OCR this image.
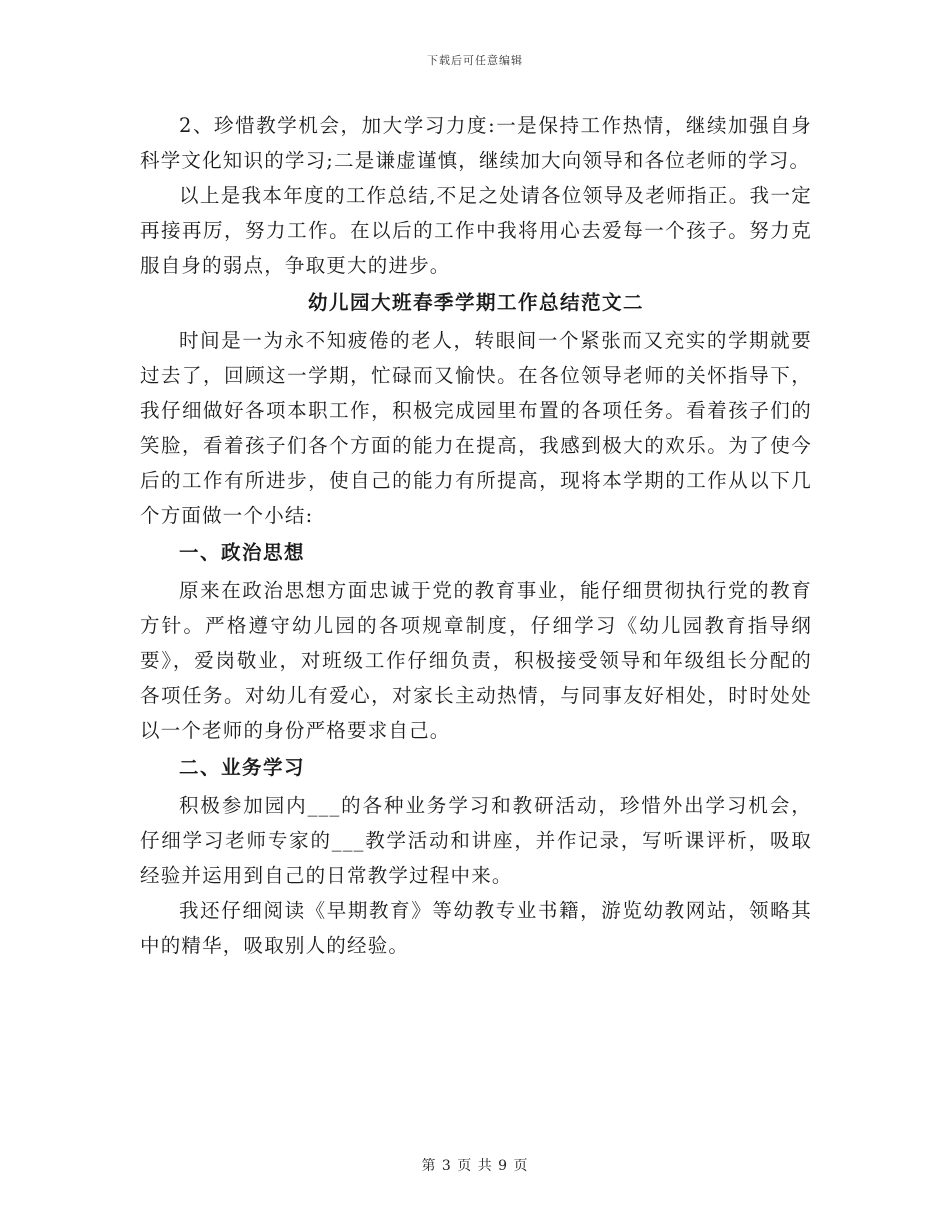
下载后可任意编辑

2、珍惜教学机会，加大学习力度:一是保持工作热情，继续加强自身科学文化知识的学习;二是谦虚谨慎，继续加大向领导和各位老师的学习。

以上是我本年度的工作总结,不足之处请各位领导及老师指正。我一定再接再厉，努力工作。在以后的工作中我将用心去爱每一个孩子。努力克服自身的弱点，争取更大的进步。

幼儿园大班春季学期工作总结范文二

时间是一为永不知疲倦的老人，转眼间一个紧张而又充实的学期就要过去了，回顾这一学期，忙碌而又愉快。在各位领导老师的关怀指导下，我仔细做好各项本职工作，积极完成园里布置的各项任务。看着孩子们的笑脸，看着孩子们各个方面的能力在提高，我感到极大的欢乐。为了使今后的工作有所进步，使自己的能力有所提高，现将本学期的工作从以下几个方面做一个小结:

一、政治思想

原来在政治思想方面忠诚于党的教育事业，能仔细贯彻执行党的教育方针。严格遵守幼儿园的各项规章制度，仔细学习《幼儿园教育指导纲要》，爱岗敬业，对班级工作仔细负责，积极接受领导和年级组长分配的各项任务。对幼儿有爱心，对家长主动热情，与同事友好相处，时时处处以一个老师的身份严格要求自己。

二、业务学习

积极参加园内___的各种业务学习和教研活动，珍惜外出学习机会，仔细学习老师专家的___教学活动和讲座，并作记录，写听课评析，吸取经验并运用到自己的日常教学过程中来。

我还仔细阅读《早期教育》等幼教专业书籍，游览幼教网站，领略其中的精华，吸取别人的经验。

第 3 页 共 9 页
